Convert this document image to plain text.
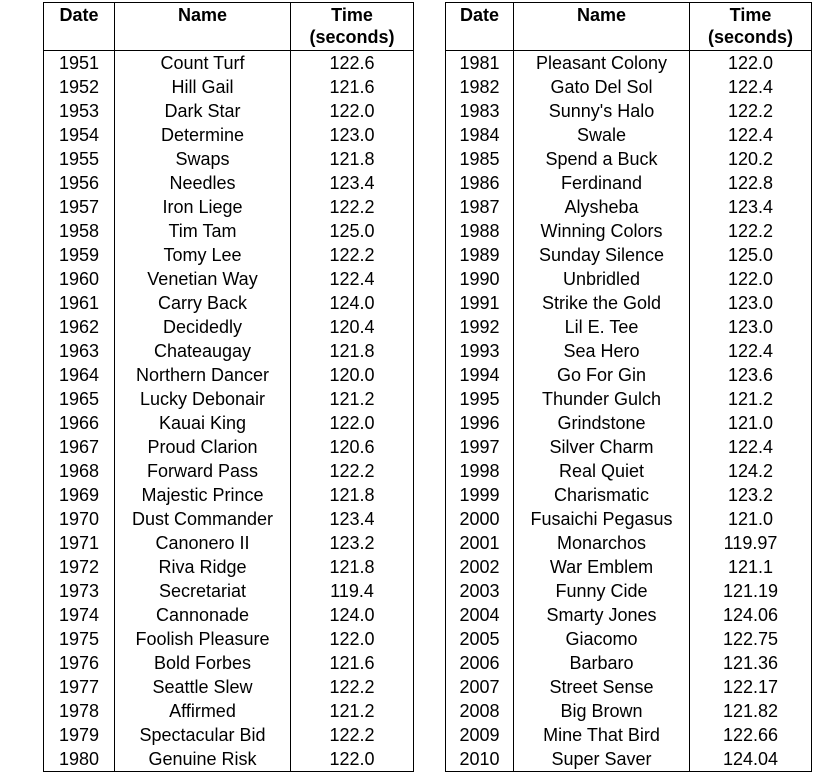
Date	Name	Time
(seconds)
1951	Count Turf	122.6
1952	Hill Gail	121.6
1953	Dark Star	122.0
1954	Determine	123.0
1955	Swaps	121.8
1956	Needles	123.4
1957	Iron Liege	122.2
1958	Tim Tam	125.0
1959	Tomy Lee	122.2
1960	Venetian Way	122.4
1961	Carry Back	124.0
1962	Decidedly	120.4
1963	Chateaugay	121.8
1964	Northern Dancer	120.0
1965	Lucky Debonair	121.2
1966	Kauai King	122.0
1967	Proud Clarion	120.6
1968	Forward Pass	122.2
1969	Majestic Prince	121.8
1970	Dust Commander	123.4
1971	Canonero II	123.2
1972	Riva Ridge	121.8
1973	Secretariat	119.4
1974	Cannonade	124.0
1975	Foolish Pleasure	122.0
1976	Bold Forbes	121.6
1977	Seattle Slew	122.2
1978	Affirmed	121.2
1979	Spectacular Bid	122.2
1980	Genuine Risk	122.0
Date	Name	Time
(seconds)
1981	Pleasant Colony	122.0
1982	Gato Del Sol	122.4
1983	Sunny's Halo	122.2
1984	Swale	122.4
1985	Spend a Buck	120.2
1986	Ferdinand	122.8
1987	Alysheba	123.4
1988	Winning Colors	122.2
1989	Sunday Silence	125.0
1990	Unbridled	122.0
1991	Strike the Gold	123.0
1992	Lil E. Tee	123.0
1993	Sea Hero	122.4
1994	Go For Gin	123.6
1995	Thunder Gulch	121.2
1996	Grindstone	121.0
1997	Silver Charm	122.4
1998	Real Quiet	124.2
1999	Charismatic	123.2
2000	Fusaichi Pegasus	121.0
2001	Monarchos	119.97
2002	War Emblem	121.1
2003	Funny Cide	121.19
2004	Smarty Jones	124.06
2005	Giacomo	122.75
2006	Barbaro	121.36
2007	Street Sense	122.17
2008	Big Brown	121.82
2009	Mine That Bird	122.66
2010	Super Saver	124.04
